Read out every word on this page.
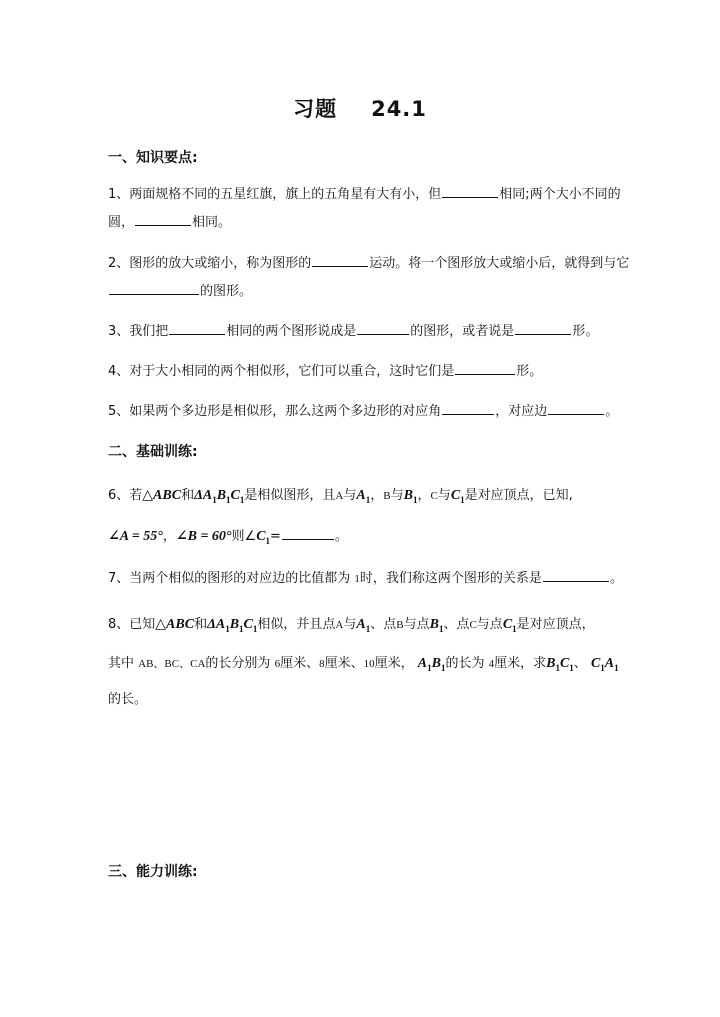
习题 24.1
一、知识要点:
1、两面规格不同的五星红旗，旗上的五角星有大有小，但	相同;两个大小不同的
圆，	相同。
2、图形的放大或缩小，称为图形的	运动。将一个图形放大或缩小后，就得到与它
的图形。
3、我们把	相同的两个图形说成是	的图形，或者说是	形。
4、对于大小相同的两个相似形，它们可以重合，这时它们是	形。
5、如果两个多边形是相似形，那么这两个多边形的对应角	，对应边	。
二、基础训练:
6、若△ABC和$\Delta A_1B_1C_1$是相似图形，且A与$A_1$，B与$B_1$，C与$C_1$是对应顶点，已知,
∠A = 55°，∠B = 60°则$\angle C_1=$	。
7、当两个相似的图形的对应边的比值都为 1时，我们称这两个图形的关系是	。
8、已知△ABC和$\Delta A_1B_1C_1$相似，并且点A与$A_1$、点B与点$B_1$、点C与点$C_1$是对应顶点，
其中 AB、BC、CA的长分别为 6厘米、8厘米、10厘米， $A_1B_1$的长为 4厘米，求$B_1C_1$、 $C_1A_1$
的长。
三、能力训练:
